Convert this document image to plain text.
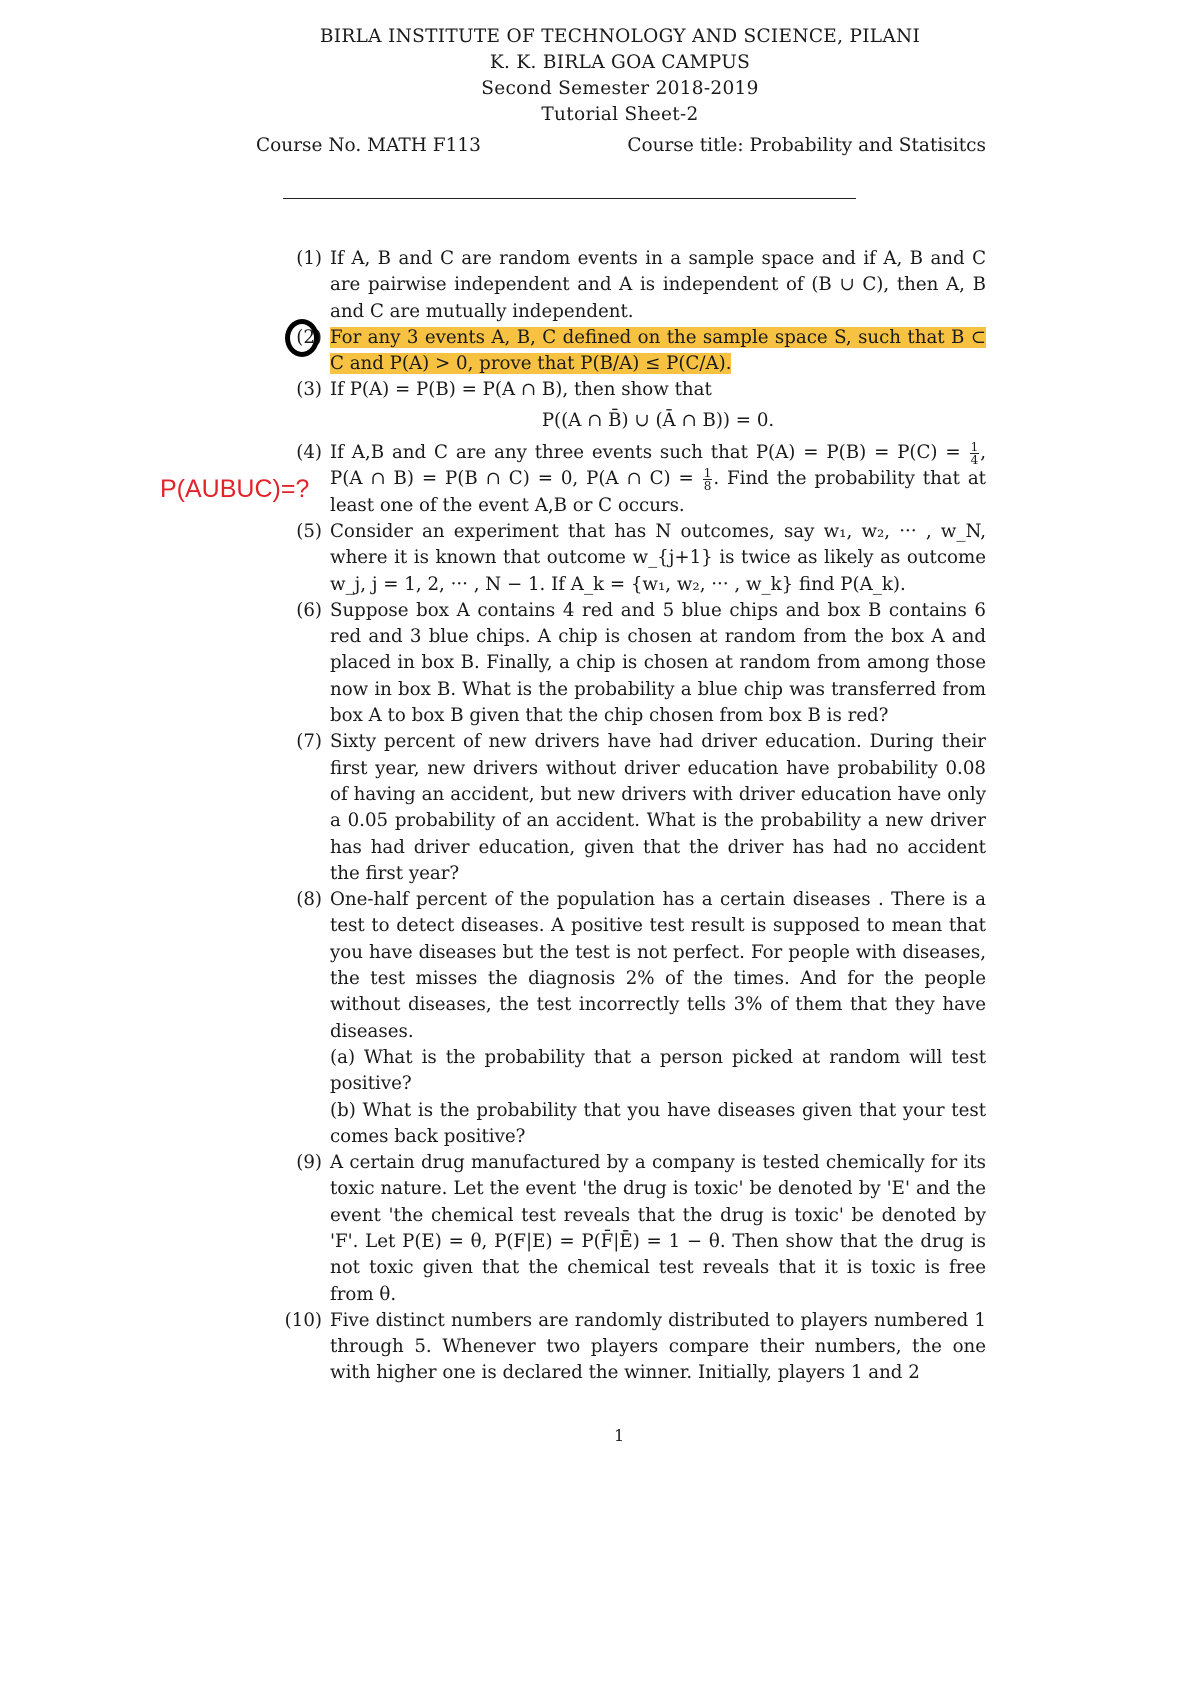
BIRLA INSTITUTE OF TECHNOLOGY AND SCIENCE, PILANI
K. K. BIRLA GOA CAMPUS
Second Semester 2018-2019
Tutorial Sheet-2
Course No. MATH F113	Course title: Probability and Statisitcs
(1) If A, B and C are random events in a sample space and if A, B and C are pairwise independent and A is independent of (B ∪ C), then A, B and C are mutually independent.
(2) For any 3 events A, B, C defined on the sample space S, such that B ⊂ C and P(A) > 0, prove that P(B/A) ≤ P(C/A).
(3) If P(A) = P(B) = P(A ∩ B), then show that
P((A ∩ B̄) ∪ (Ā ∩ B)) = 0.
(4) If A,B and C are any three events such that $P(A) = P(B) = P(C) = \frac{1}{4}$ , P(A ∩ B) = P(B ∩ C) = 0, P(A ∩ $C) = \frac{1}{8}$ . Find the probability that at least one of the event A,B or C occurs.
(5) Consider an experiment that has N outcomes, say w₁, w₂, ··· , w_N, where it is known that outcome w_{j+1} is twice as likely as outcome w_j, j = 1, 2, ··· , N − 1. If A_k = {w₁, w₂, ··· , w_k} find P(A_k).
(6) Suppose box A contains 4 red and 5 blue chips and box B contains 6 red and 3 blue chips. A chip is chosen at random from the box A and placed in box B. Finally, a chip is chosen at random from among those now in box B. What is the probability a blue chip was transferred from box A to box B given that the chip chosen from box B is red?
(7) Sixty percent of new drivers have had driver education. During their first year, new drivers without driver education have probability 0.08 of having an accident, but new drivers with driver education have only a 0.05 probability of an accident. What is the probability a new driver has had driver education, given that the driver has had no accident the first year?
(8) One-half percent of the population has a certain diseases . There is a test to detect diseases. A positive test result is supposed to mean that you have diseases but the test is not perfect. For people with diseases, the test misses the diagnosis 2% of the times. And for the people without diseases, the test incorrectly tells 3% of them that they have diseases.
(a) What is the probability that a person picked at random will test positive?
(b) What is the probability that you have diseases given that your test comes back positive?
(9) A certain drug manufactured by a company is tested chemically for its toxic nature. Let the event 'the drug is toxic' be denoted by 'E' and the event 'the chemical test reveals that the drug is toxic' be denoted by 'F'. Let P(E) = θ, P(F|E) = P(F̄|Ē) = 1 − θ. Then show that the drug is not toxic given that the chemical test reveals that it is toxic is free from θ.
(10) Five distinct numbers are randomly distributed to players numbered 1 through 5. Whenever two players compare their numbers, the one with higher one is declared the winner. Initially, players 1 and 2
P(AUBUC)=?
1
